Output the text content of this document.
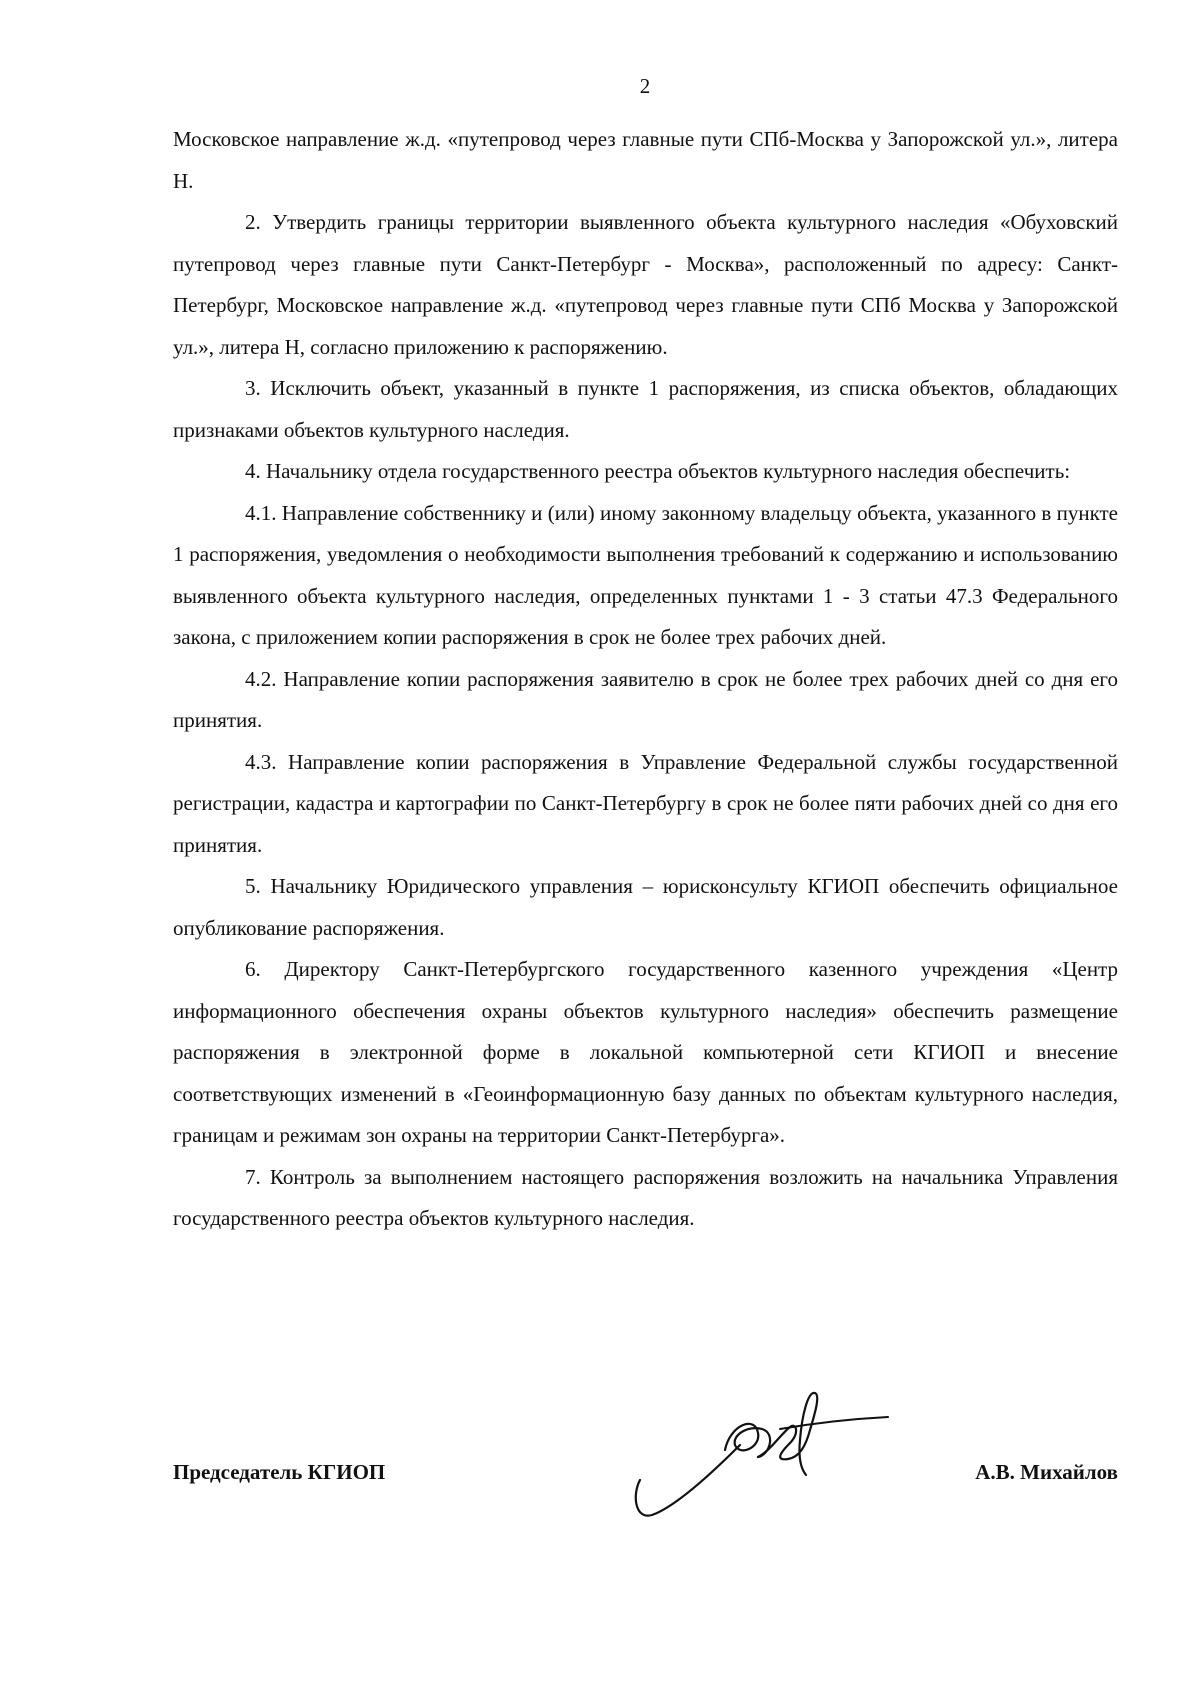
2

Московское направление ж.д. «путепровод через главные пути СПб-Москва у Запорожской ул.», литера Н.

2. Утвердить границы территории выявленного объекта культурного наследия «Обуховский путепровод через главные пути Санкт-Петербург - Москва», расположенный по адресу: Санкт-Петербург, Московское направление ж.д. «путепровод через главные пути СПб Москва у Запорожской ул.», литера Н, согласно приложению к распоряжению.

3. Исключить объект, указанный в пункте 1 распоряжения, из списка объектов, обладающих признаками объектов культурного наследия.

4. Начальнику отдела государственного реестра объектов культурного наследия обеспечить:

4.1. Направление собственнику и (или) иному законному владельцу объекта, указанного в пункте 1 распоряжения, уведомления о необходимости выполнения требований к содержанию и использованию выявленного объекта культурного наследия, определенных пунктами 1 - 3 статьи 47.3 Федерального закона, с приложением копии распоряжения в срок не более трех рабочих дней.

4.2. Направление копии распоряжения заявителю в срок не более трех рабочих дней со дня его принятия.

4.3. Направление копии распоряжения в Управление Федеральной службы государственной регистрации, кадастра и картографии по Санкт-Петербургу в срок не более пяти рабочих дней со дня его принятия.

5. Начальнику Юридического управления – юрисконсульту КГИОП обеспечить официальное опубликование распоряжения.

6. Директору Санкт-Петербургского государственного казенного учреждения «Центр информационного обеспечения охраны объектов культурного наследия» обеспечить размещение распоряжения в электронной форме в локальной компьютерной сети КГИОП и внесение соответствующих изменений в «Геоинформационную базу данных по объектам культурного наследия, границам и режимам зон охраны на территории Санкт-Петербурга».

7. Контроль за выполнением настоящего распоряжения возложить на начальника Управления государственного реестра объектов культурного наследия.

Председатель КГИОП	А.В. Михайлов
